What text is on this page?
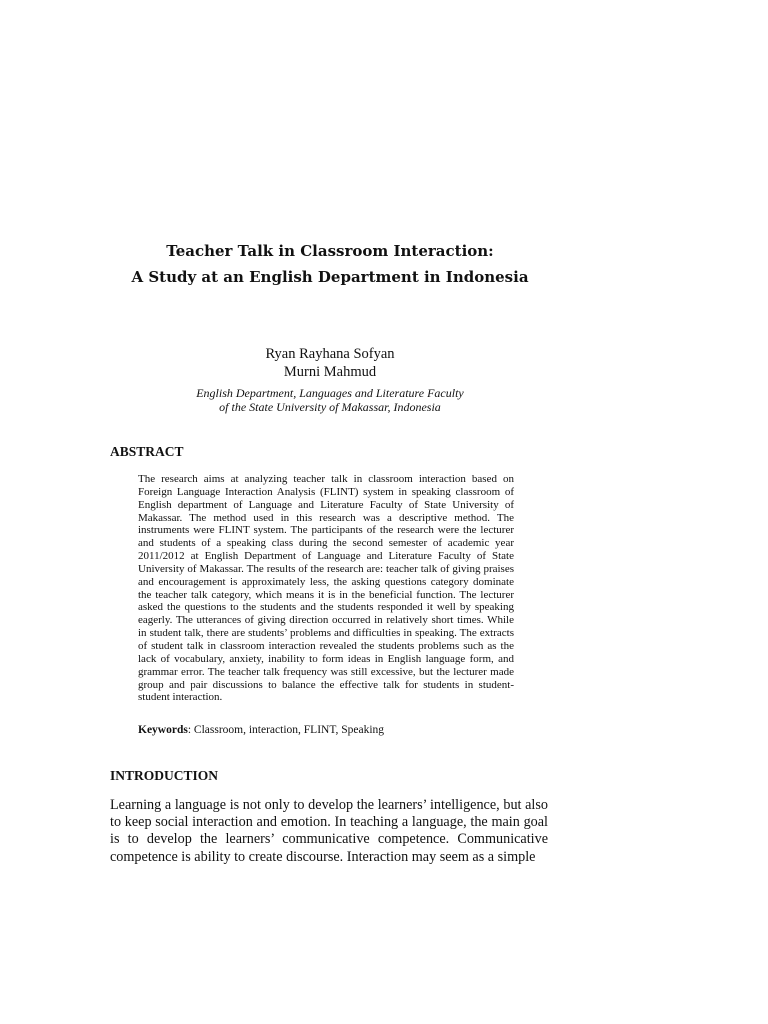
Teacher Talk in Classroom Interaction:
A Study at an English Department in Indonesia
Ryan Rayhana Sofyan
Murni Mahmud
English Department, Languages and Literature Faculty
of the State University of Makassar, Indonesia
ABSTRACT

The research aims at analyzing teacher talk in classroom interaction based on Foreign Language Interaction Analysis (FLINT) system in speaking classroom of English department of Language and Literature Faculty of State University of Makassar. The method used in this research was a descriptive method. The instruments were FLINT system. The participants of the research were the lecturer and students of a speaking class during the second semester of academic year 2011/2012 at English Department of Language and Literature Faculty of State University of Makassar. The results of the research are: teacher talk of giving praises and encouragement is approximately less, the asking questions category dominate the teacher talk category, which means it is in the beneficial function. The lecturer asked the questions to the students and the students responded it well by speaking eagerly. The utterances of giving direction occurred in relatively short times. While in student talk, there are students’ problems and difficulties in speaking. The extracts of student talk in classroom interaction revealed the students problems such as the lack of vocabulary, anxiety, inability to form ideas in English language form, and grammar error. The teacher talk frequency was still excessive, but the lecturer made group and pair discussions to balance the effective talk for students in student-student interaction.

Keywords: Classroom, interaction, FLINT, Speaking

INTRODUCTION

Learning a language is not only to develop the learners’ intelligence, but also to keep social interaction and emotion. In teaching a language, the main goal is to develop the learners’ communicative competence. Communicative competence is ability to create discourse. Interaction may seem as a simple
